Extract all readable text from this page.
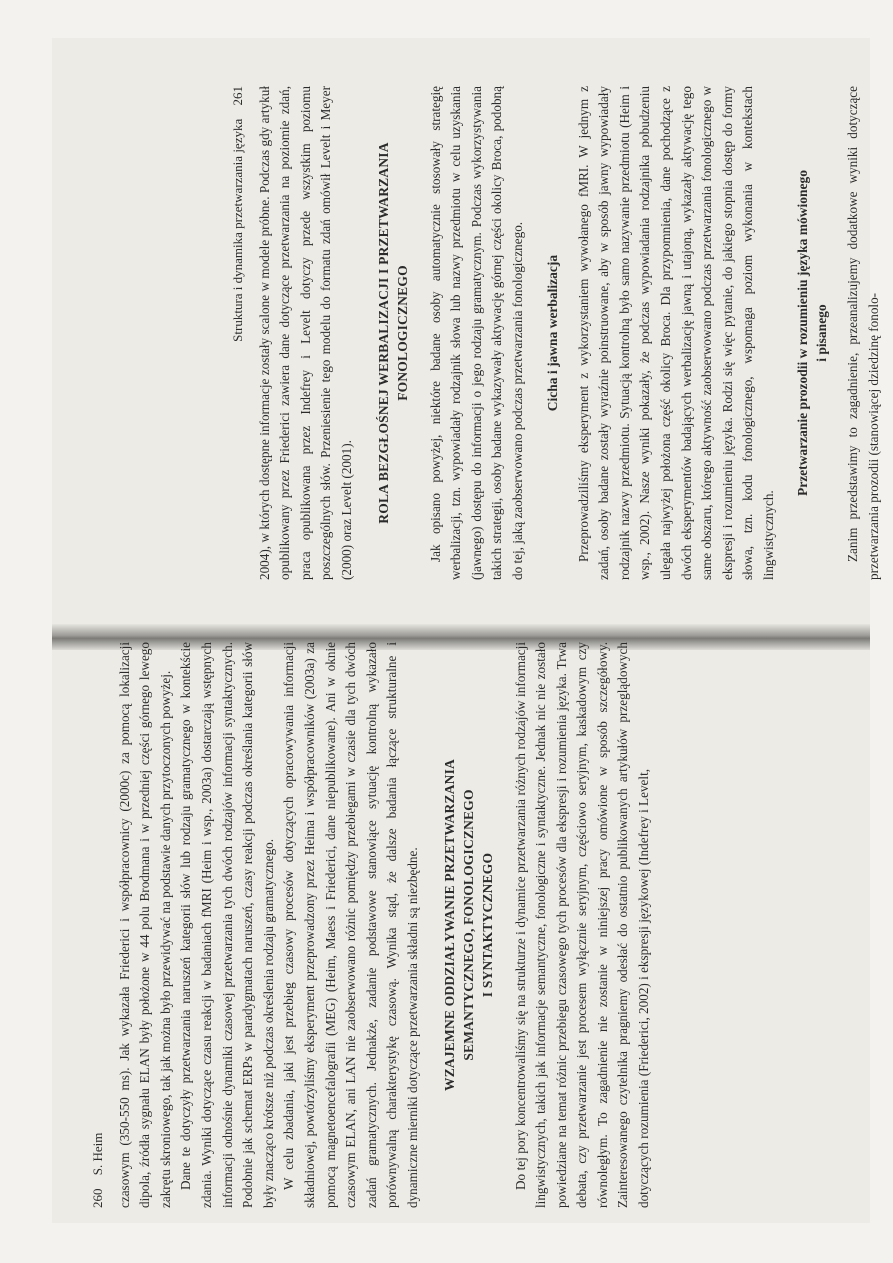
260 S. Heim czasowym (350-550 ms). Jak wykazała Friederici i współpracownicy (2000c) za pomocą lokalizacji dipola, źródła sygnału ELAN były położone w 44 polu Brodmana i w przedniej części górnego lewego zakrętu skroniowego, tak jak można było przewidywać na podstawie danych przytoczonych powyżej. Dane te dotyczyły przetwarzania naruszeń kategorii słów lub rodzaju gramatycznego w kontekście zdania. Wyniki dotyczące czasu reakcji w badaniach fMRI (Heim i wsp., 2003a) dostarczają wstępnych informacji odnośnie dynamiki czasowej przetwarzania tych dwóch rodzajów informacji syntaktycznych. Podobnie jak schemat ERPs w paradygmatach naruszeń, czasy reakcji podczas określania kategorii słów były znacząco krótsze niż podczas określenia rodzaju gramatycznego. W celu zbadania, jaki jest przebieg czasowy procesów dotyczących opracowywania informacji składniowej, powtórzyliśmy eksperyment przeprowadzony przez Heima i współpracowników (2003a) za pomocą magnetoencefalografii (MEG) (Heim, Maess i Friederici, dane niepublikowane). Ani w oknie czasowym ELAN, ani LAN nie zaobserwowano różnic pomiędzy przebiegami w czasie dla tych dwóch zadań gramatycznych. Jednakże, zadanie podstawowe stanowiące sytuację kontrolną wykazało porównywalną charakterystykę czasową. Wynika stąd, że dalsze badania łączące strukturalne i dynamiczne mierniki dotyczące przetwarzania składni są niezbędne. WZAJEMNE ODDZIAŁYWANIE PRZETWARZANIA SEMANTYCZNEGO, FONOLOGICZNEGO I SYNTAKTYCZNEGO Do tej pory koncentrowaliśmy się na strukturze i dynamice przetwarzania różnych rodzajów informacji lingwistycznych, takich jak informacje semantyczne, fonologiczne i syntaktyczne. Jednak nic nie zostało powiedziane na temat różnic przebiegu czasowego tych procesów dla ekspresji i rozumienia języka. Trwa debata, czy przetwarzanie jest procesem wyłącznie seryjnym, częściowo seryjnym, kaskadowym czy równoległym. To zagadnienie nie zostanie w niniejszej pracy omówione w sposób szczegółowy. Zainteresowanego czytelnika pragniemy odesłać do ostatnio publikowanych artykułów przeglądowych dotyczących rozumienia (Friederici, 2002) i ekspresji językowej (Indefrey i Levelt,

Struktura i dynamika przetwarzania języka 261 2004), w których dostępne informacje zostały scalone w modele próbne. Podczas gdy artykuł opublikowany przez Friederici zawiera dane dotyczące przetwarzania na poziomie zdań, praca opublikowana przez Indefrey i Levelt dotyczy przede wszystkim poziomu poszczególnych słów. Przeniesienie tego modelu do formatu zdań omówił Levelt i Meyer (2000) oraz Levelt (2001). ROLA BEZGŁOŚNEJ WERBALIZACJI I PRZETWARZANIA FONOLOGICZNEGO Jak opisano powyżej, niektóre badane osoby automatycznie stosowały strategię werbalizacji, tzn. wypowiadały rodzajnik słowa lub nazwy przedmiotu w celu uzyskania (jawnego) dostępu do informacji o jego rodzaju gramatycznym. Podczas wykorzystywania takich strategii, osoby badane wykazywały aktywację górnej części okolicy Broca, podobną do tej, jaką zaobserwowano podczas przetwarzania fonologicznego. Cicha i jawna werbalizacja Przeprowadziliśmy eksperyment z wykorzystaniem wywołanego fMRI. W jednym z zadań, osoby badane zostały wyraźnie poinstruowane, aby w sposób jawny wypowiadały rodzajnik nazwy przedmiotu. Sytuacją kontrolną było samo nazywanie przedmiotu (Heim i wsp., 2002). Nasze wyniki pokazały, że podczas wypowiadania rodzajnika pobudzeniu ulegała najwyżej położona część okolicy Broca. Dla przypomnienia, dane pochodzące z dwóch eksperymentów badających werbalizację jawną i utajoną, wykazały aktywację tego same obszaru, którego aktywność zaobserwowano podczas przetwarzania fonologicznego w ekspresji i rozumieniu języka. Rodzi się więc pytanie, do jakiego stopnia dostęp do formy słowa, tzn. kodu fonologicznego, wspomaga poziom wykonania w kontekstach lingwistycznych.

Przetwarzanie prozodii w rozumieniu języka mówionego i pisanego Zanim przedstawimy to zagadnienie, przeanalizujemy dodatkowe wyniki dotyczące przetwarzania prozodii (stanowiącej dziedzinę fonolo-
